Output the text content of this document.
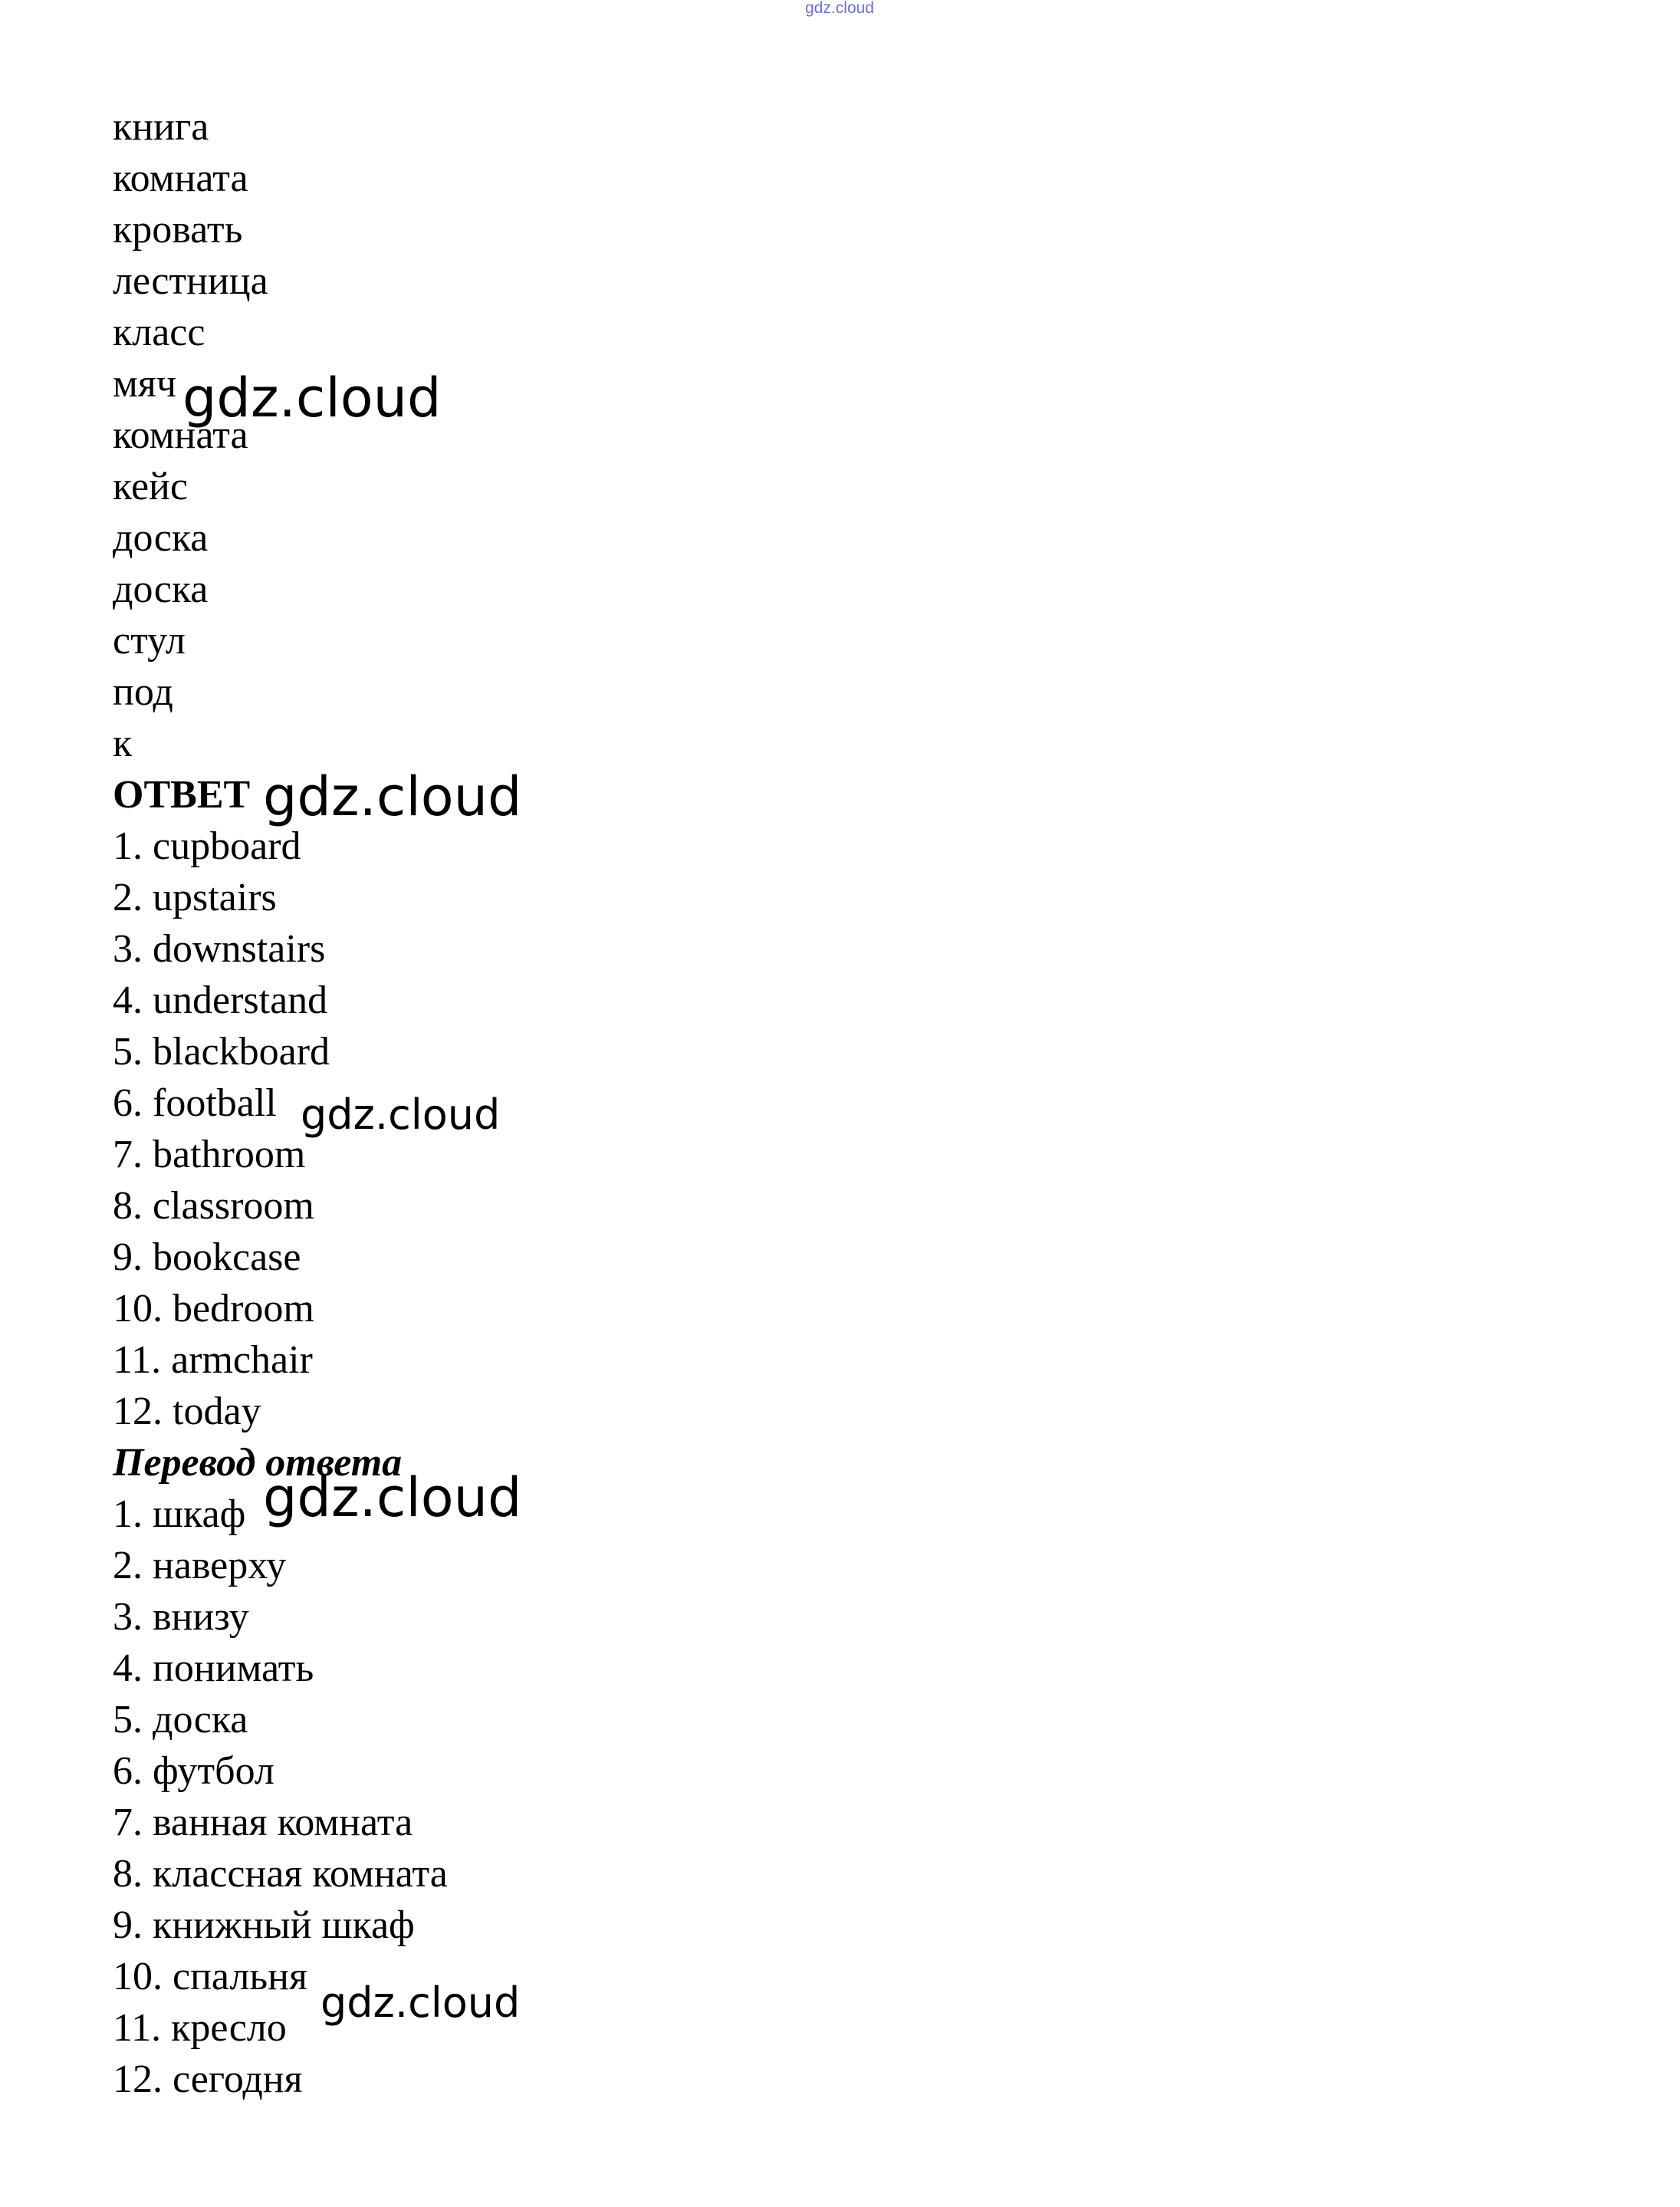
gdz.cloud
книга
комната
кровать
лестница
класс
мяч
комната
кейс
доска
доска
стул
под
к
ОТВЕТ
1. cupboard
2. upstairs
3. downstairs
4. understand
5. blackboard
6. football
7. bathroom
8. classroom
9. bookcase
10. bedroom
11. armchair
12. today
Перевод ответа
1. шкаф
2. наверху
3. внизу
4. понимать
5. доска
6. футбол
7. ванная комната
8. классная комната
9. книжный шкаф
10. спальня
11. кресло
12. сегодня
gdz.cloud
gdz.cloud
gdz.cloud
gdz.cloud
gdz.cloud
